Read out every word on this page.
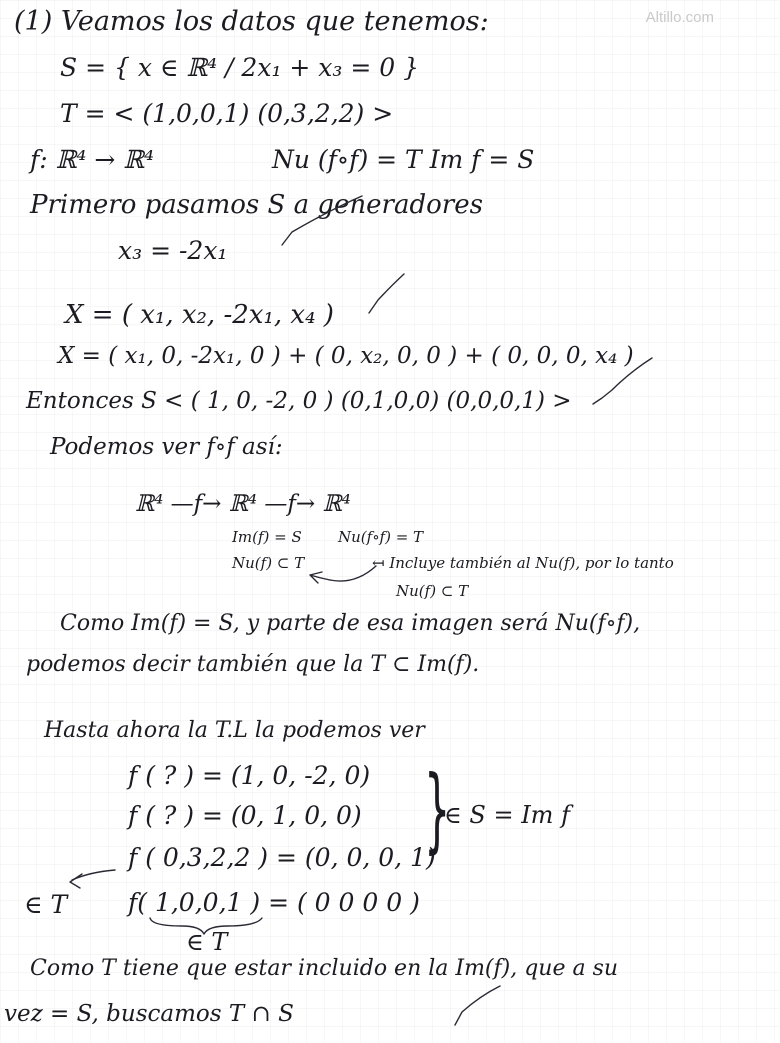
Altillo.com
(1) Veamos los datos que tenemos:
S = { x ∈ ℝ⁴ / 2x₁ + x₃ = 0 }
T = < (1,0,0,1) (0,3,2,2) >
f: ℝ⁴ → ℝ⁴	Nu (f∘f) = T Im f = S
Primero pasamos S a generadores
x₃ = -2x₁
X = ( x₁, x₂, -2x₁, x₄ )
X = ( x₁, 0, -2x₁, 0 ) + ( 0, x₂, 0, 0 ) + ( 0, 0, 0, x₄ )
Entonces S < ( 1, 0, -2, 0 ) (0,1,0,0) (0,0,0,1) >
Podemos ver f∘f así:
ℝ⁴ —f→ ℝ⁴ —f→ ℝ⁴
Im(f) = S Nu(f∘f) = T
Nu(f) ⊂ T	↤ Incluye también al Nu(f), por lo tanto
Nu(f) ⊂ T
Como Im(f) = S, y parte de esa imagen será Nu(f∘f),
podemos decir también que la T ⊂ Im(f).
Hasta ahora la T.L la podemos ver
f ( ? ) = (1, 0, -2, 0)
f ( ? ) = (0, 1, 0, 0) }
∈ S = Im f
f ( 0,3,2,2 ) = (0, 0, 0, 1)
∈ T f( 1,0,0,1 ) = ( 0 0 0 0 )
∈ T
Como T tiene que estar incluido en la Im(f), que a su
vez = S, buscamos T ∩ S
